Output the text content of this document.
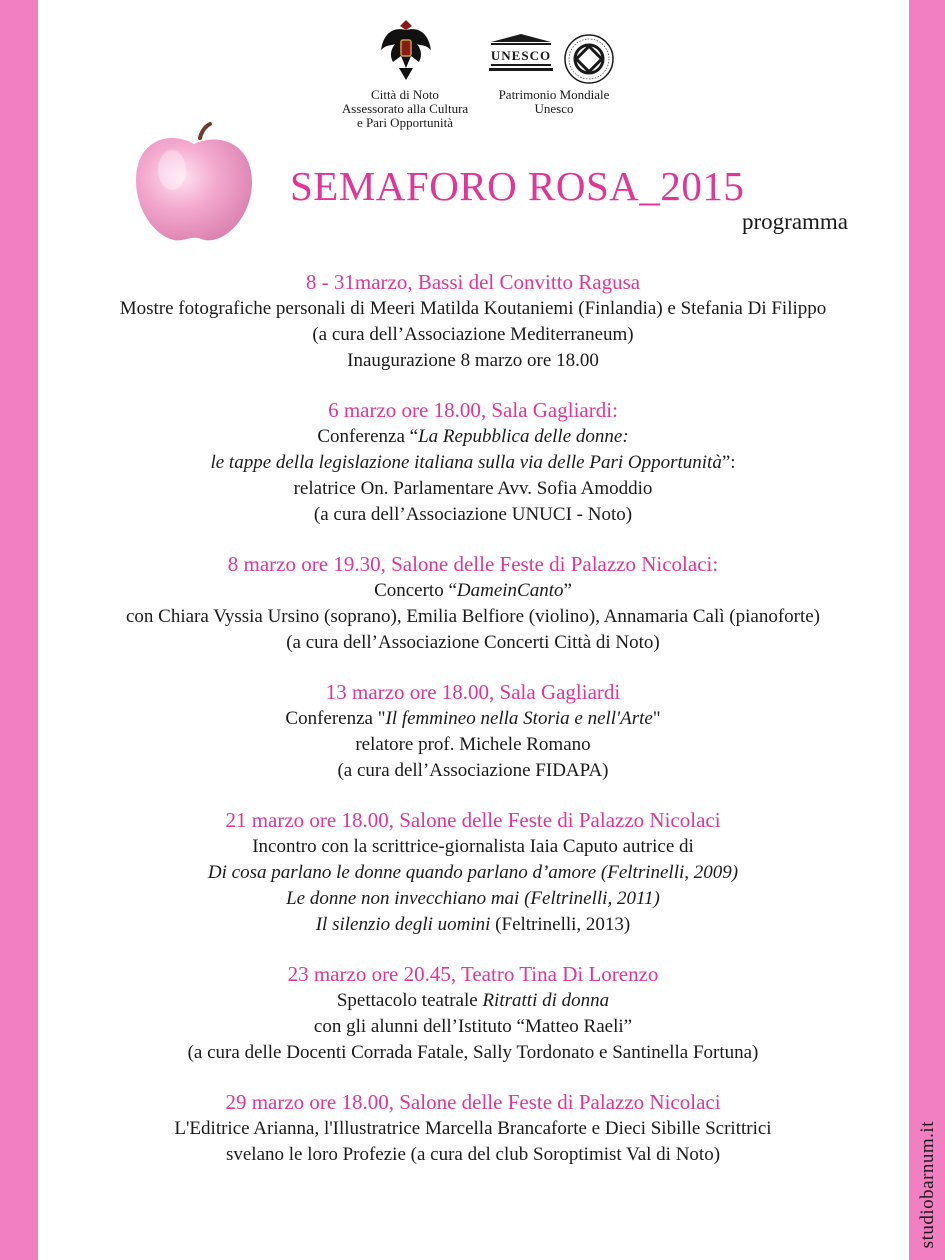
studiobarnum.it
Città di Noto
Assessorato alla Cultura
e Pari Opportunità
UNESCO
Patrimonio Mondiale
Unesco
SEMAFORO ROSA_2015
programma
8 - 31marzo, Bassi del Convitto Ragusa
Mostre fotografiche personali di Meeri Matilda Koutaniemi (Finlandia) e Stefania Di Filippo
(a cura dell’Associazione Mediterraneum)
Inaugurazione 8 marzo ore 18.00
6 marzo ore 18.00, Sala Gagliardi:
Conferenza “La Repubblica delle donne:
le tappe della legislazione italiana sulla via delle Pari Opportunità”:
relatrice On. Parlamentare Avv. Sofia Amoddio
(a cura dell’Associazione UNUCI - Noto)
8 marzo ore 19.30, Salone delle Feste di Palazzo Nicolaci:
Concerto “DameinCanto”
con Chiara Vyssia Ursino (soprano), Emilia Belfiore (violino), Annamaria Calì (pianoforte)
(a cura dell’Associazione Concerti Città di Noto)
13 marzo ore 18.00, Sala Gagliardi
Conferenza "Il femmineo nella Storia e nell'Arte"
relatore prof. Michele Romano
(a cura dell’Associazione FIDAPA)
21 marzo ore 18.00, Salone delle Feste di Palazzo Nicolaci
Incontro con la scrittrice-giornalista Iaia Caputo autrice di
Di cosa parlano le donne quando parlano d’amore (Feltrinelli, 2009)
Le donne non invecchiano mai (Feltrinelli, 2011)
Il silenzio degli uomini (Feltrinelli, 2013)
23 marzo ore 20.45, Teatro Tina Di Lorenzo
Spettacolo teatrale Ritratti di donna
con gli alunni dell’Istituto “Matteo Raeli”
(a cura delle Docenti Corrada Fatale, Sally Tordonato e Santinella Fortuna)
29 marzo ore 18.00, Salone delle Feste di Palazzo Nicolaci
L'Editrice Arianna, l'Illustratrice Marcella Brancaforte e Dieci Sibille Scrittrici
svelano le loro Profezie (a cura del club Soroptimist Val di Noto)
